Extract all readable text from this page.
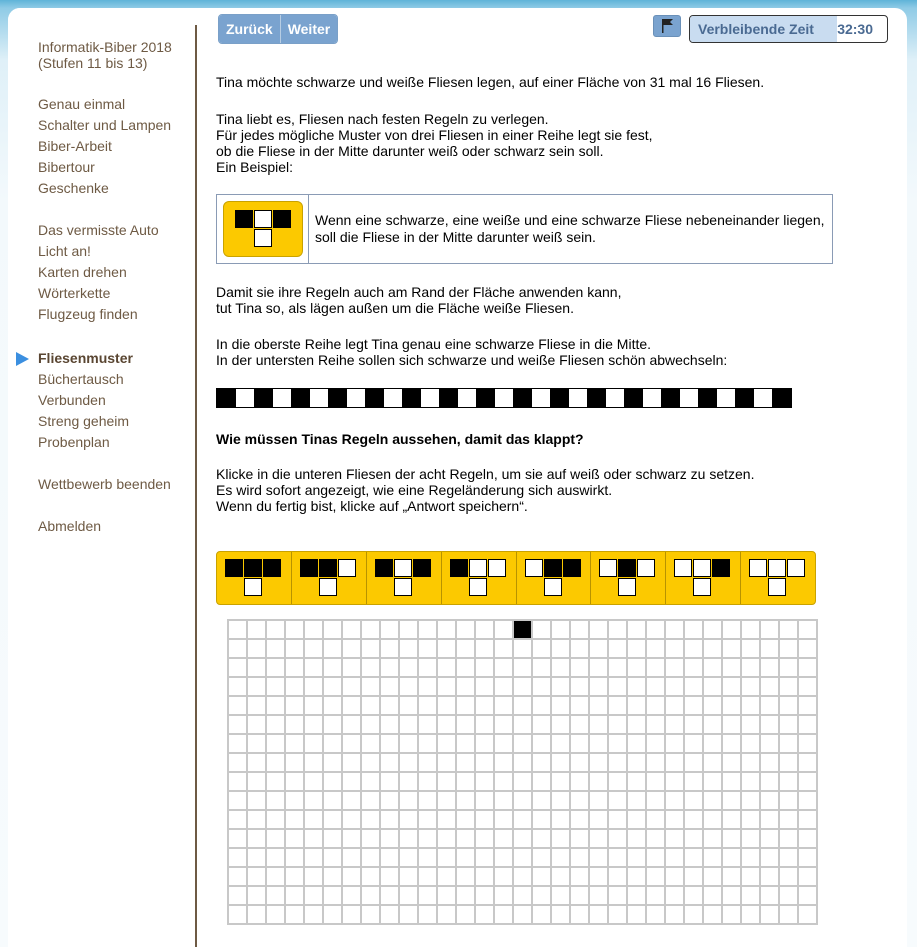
Informatik-Biber 2018
(Stufen 11 bis 13)
Genau einmal
Schalter und Lampen
Biber-Arbeit
Bibertour
Geschenke
Das vermisste Auto
Licht an!
Karten drehen
Wörterkette
Flugzeug finden
Fliesenmuster
Büchertausch
Verbunden
Streng geheim
Probenplan
Wettbewerb beenden
Abmelden
Zurück	Weiter	Verbleibende Zeit 32:30
Tina möchte schwarze und weiße Fliesen legen, auf einer Fläche von 31 mal 16 Fliesen.
Tina liebt es, Fliesen nach festen Regeln zu verlegen.
Für jedes mögliche Muster von drei Fliesen in einer Reihe legt sie fest,
ob die Fliese in der Mitte darunter weiß oder schwarz sein soll.
Ein Beispiel:
Wenn eine schwarze, eine weiße und eine schwarze Fliese nebeneinander liegen,
soll die Fliese in der Mitte darunter weiß sein.
Damit sie ihre Regeln auch am Rand der Fläche anwenden kann,
tut Tina so, als lägen außen um die Fläche weiße Fliesen.
In die oberste Reihe legt Tina genau eine schwarze Fliese in die Mitte.
In der untersten Reihe sollen sich schwarze und weiße Fliesen schön abwechseln:
Wie müssen Tinas Regeln aussehen, damit das klappt?
Klicke in die unteren Fliesen der acht Regeln, um sie auf weiß oder schwarz zu setzen.
Es wird sofort angezeigt, wie eine Regeländerung sich auswirkt.
Wenn du fertig bist, klicke auf „Antwort speichern“.
